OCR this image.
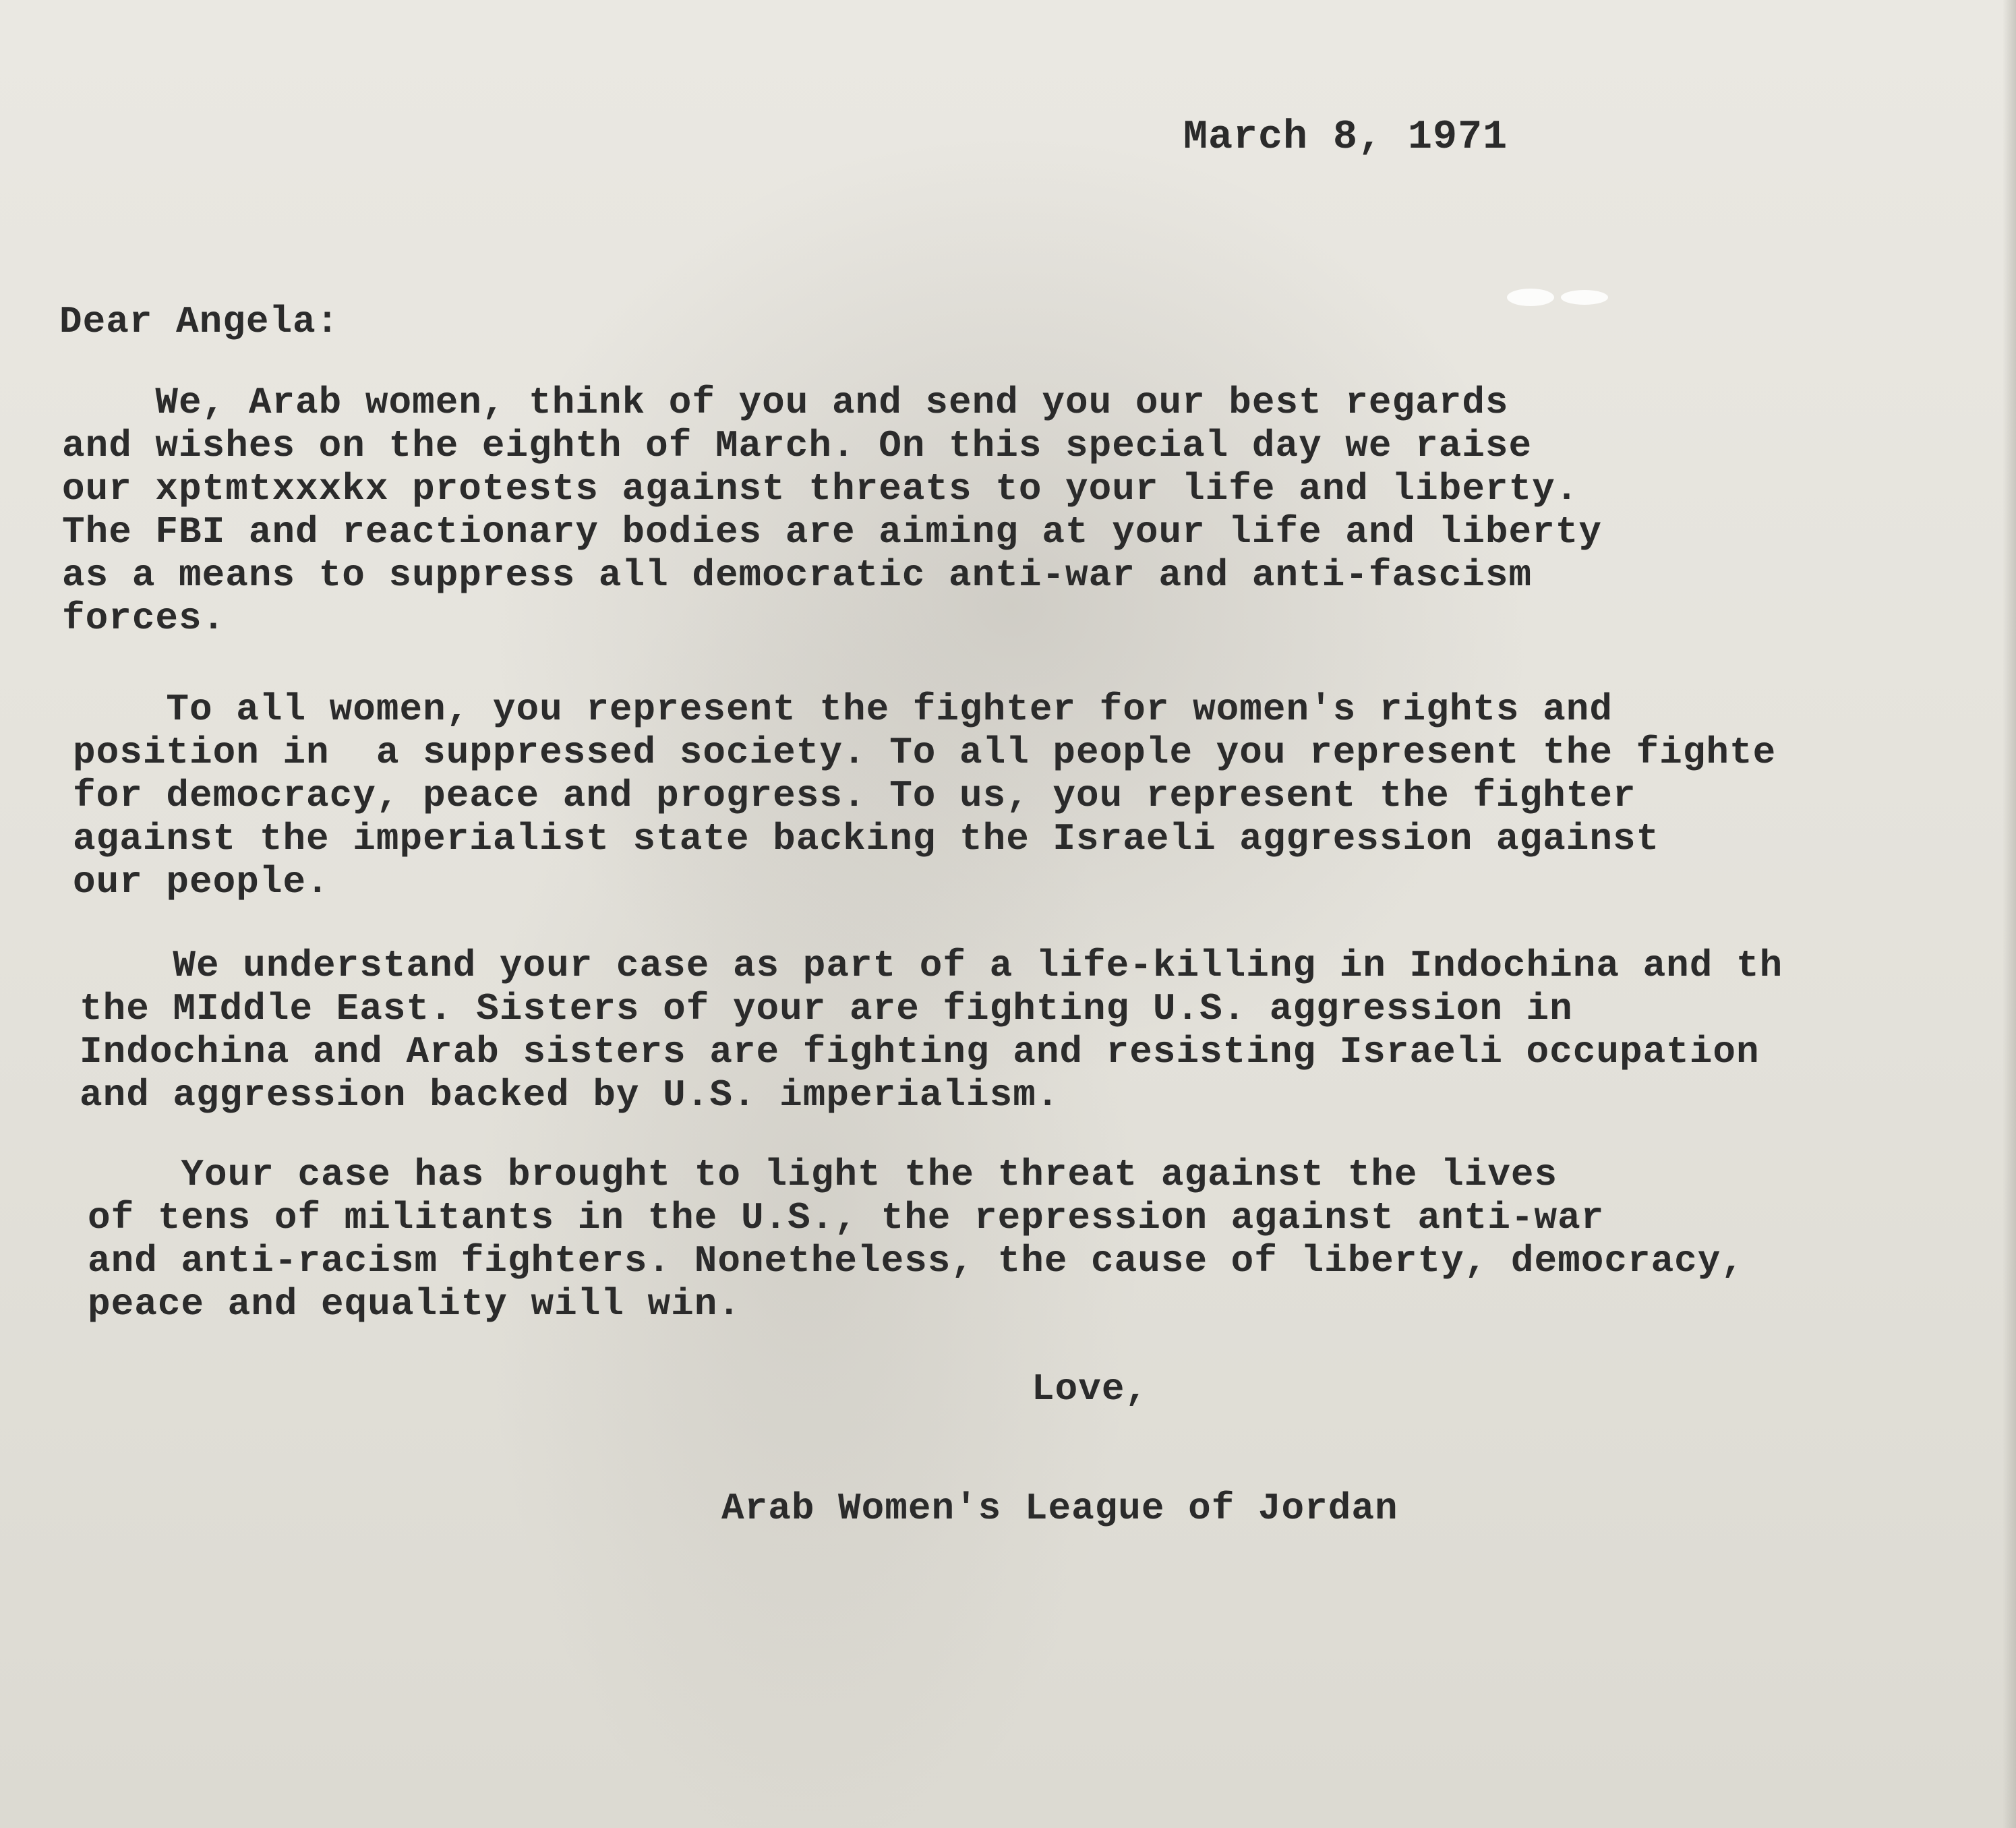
March 8, 1971

Dear Angela:

We, Arab women, think of you and send you our best regards
and wishes on the eighth of March. On this special day we raise
our xptmtxxxkx protests against threats to your life and liberty.
The FBI and reactionary bodies are aiming at your life and liberty
as a means to suppress all democratic anti-war and anti-fascism
forces.

To all women, you represent the fighter for women's rights and
position in  a suppressed society. To all people you represent the fighte
for democracy, peace and progress. To us, you represent the fighter
against the imperialist state backing the Israeli aggression against
our people.

We understand your case as part of a life-killing in Indochina and th
the MIddle East. Sisters of your are fighting U.S. aggression in
Indochina and Arab sisters are fighting and resisting Israeli occupation
and aggression backed by U.S. imperialism.

Your case has brought to light the threat against the lives
of tens of militants in the U.S., the repression against anti-war
and anti-racism fighters. Nonetheless, the cause of liberty, democracy,
peace and equality will win.

Love,

Arab Women's League of Jordan
